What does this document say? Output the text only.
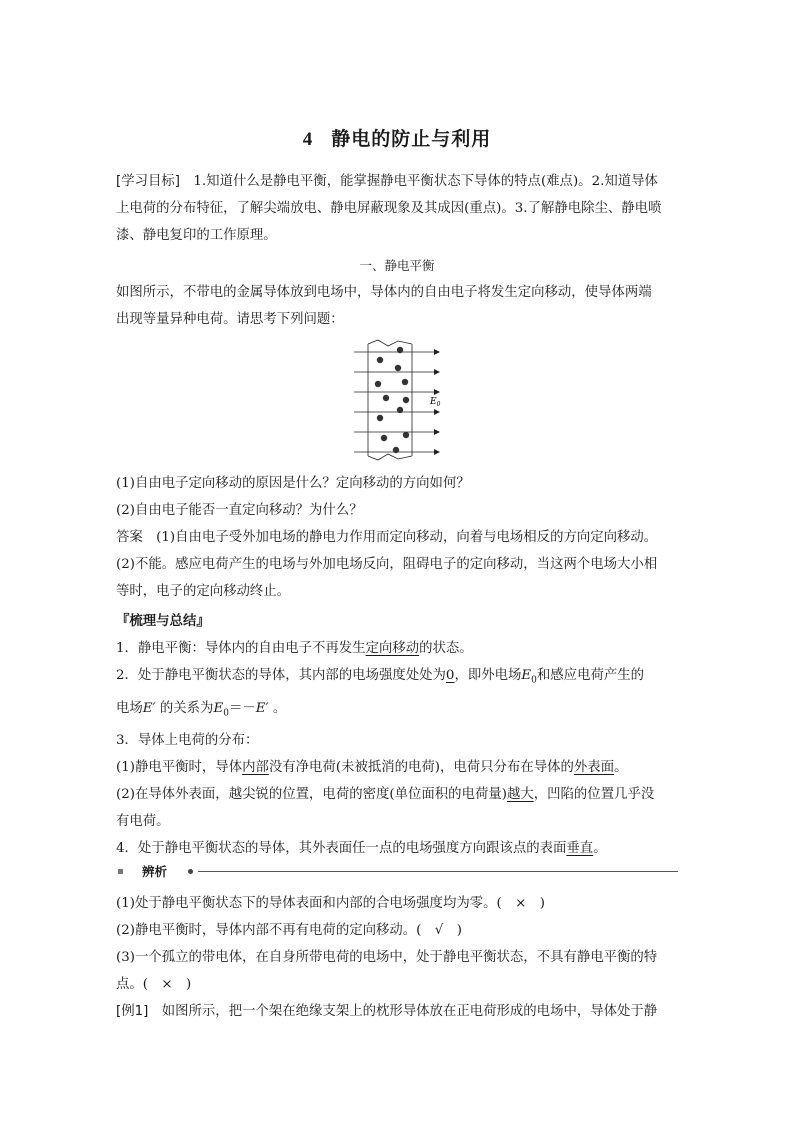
4 静电的防止与利用

[学习目标]　 1.知道什么是静电平衡，能掌握静电平衡状态下导体的特点(难点)。2.知道导体

上电荷的分布特征，了解尖端放电、静电屏蔽现象及其成因(重点)。3.了解静电除尘、静电喷

漆、静电复印的工作原理。

一、静电平衡

如图所示，不带电的金属导体放到电场中，导体内的自由电子将发生定向移动，使导体两端

出现等量异种电荷。请思考下列问题：

$E_0$

(1)自由电子定向移动的原因是什么？定向移动的方向如何？

(2)自由电子能否一直定向移动？为什么？

答案　 (1)自由电子受外加电场的静电力作用而定向移动，向着与电场相反的方向定向移动。

(2)不能。感应电荷产生的电场与外加电场反向，阻碍电子的定向移动，当这两个电场大小相

等时，电子的定向移动终止。

『梳理与总结』

1．静电平衡：导体内的自由电子不再发生定向移动的状态。

2．处于静电平衡状态的导体，其内部的电场强度处处为0，即外电场$E_0$和感应电荷产生的

电场E′ 的关系为$E_0=-E'$ 。

3．导体上电荷的分布：

(1)静电平衡时，导体内部没有净电荷(未被抵消的电荷)，电荷只分布在导体的外表面。

(2)在导体外表面，越尖锐的位置，电荷的密度(单位面积的电荷量)越大，凹陷的位置几乎没

有电荷。

4．处于静电平衡状态的导体，其外表面任一点的电场强度方向跟该点的表面垂直。

辨析

(1)处于静电平衡状态下的导体表面和内部的合电场强度均为零。(　×　)

(2)静电平衡时，导体内部不再有电荷的定向移动。(　√　)

(3)一个孤立的带电体，在自身所带电荷的电场中，处于静电平衡状态，不具有静电平衡的特

点。(　×　)

[例1]　 如图所示，把一个架在绝缘支架上的枕形导体放在正电荷形成的电场中，导体处于静
